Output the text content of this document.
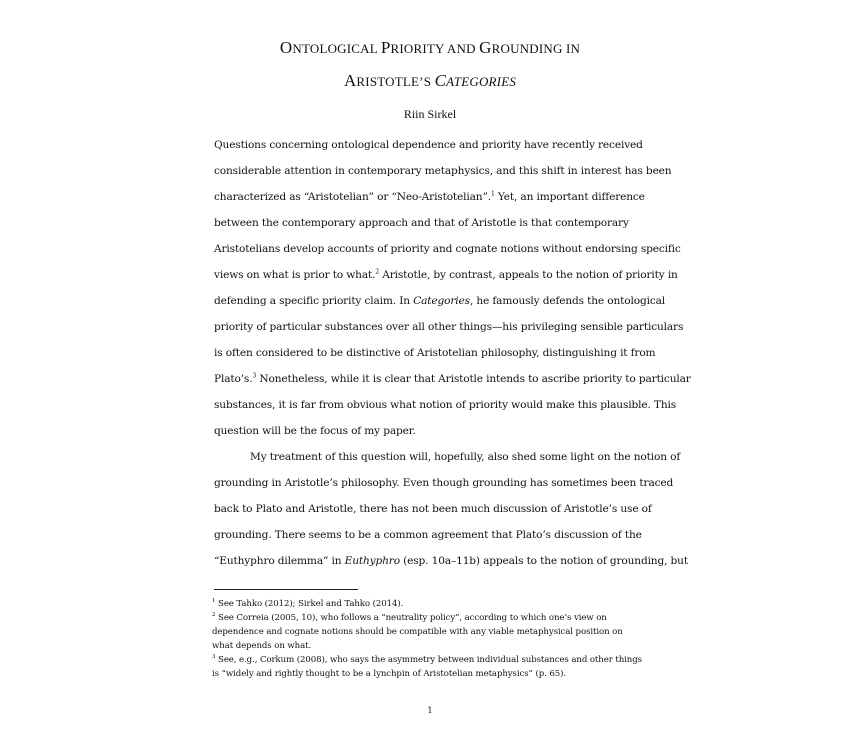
ONTOLOGICAL PRIORITY AND GROUNDING IN
ARISTOTLE’S CATEGORIES
Riin Sirkel
Questions concerning ontological dependence and priority have recently received
considerable attention in contemporary metaphysics, and this shift in interest has been
characterized as “Aristotelian” or “Neo-Aristotelian”.$^1$ Yet, an important difference
between the contemporary approach and that of Aristotle is that contemporary
Aristotelians develop accounts of priority and cognate notions without endorsing specific
views on what is prior to what.$^2$ Aristotle, by contrast, appeals to the notion of priority in
defending a specific priority claim. In Categories, he famously defends the ontological
priority of particular substances over all other things—his privileging sensible particulars
is often considered to be distinctive of Aristotelian philosophy, distinguishing it from
Plato’s.$^3$ Nonetheless, while it is clear that Aristotle intends to ascribe priority to particular
substances, it is far from obvious what notion of priority would make this plausible. This
question will be the focus of my paper.
My treatment of this question will, hopefully, also shed some light on the notion of
grounding in Aristotle’s philosophy. Even though grounding has sometimes been traced
back to Plato and Aristotle, there has not been much discussion of Aristotle’s use of
grounding. There seems to be a common agreement that Plato’s discussion of the
“Euthyphro dilemma” in Euthyphro (esp. 10a–11b) appeals to the notion of grounding, but
$^1$ See Tahko (2012); Sirkel and Tahko (2014).
$^2$ See Correia (2005, 10), who follows a “neutrality policy”, according to which one’s view on
dependence and cognate notions should be compatible with any viable metaphysical position on
what depends on what.
$^3$ See, e.g., Corkum (2008), who says the asymmetry between individual substances and other things
is “widely and rightly thought to be a lynchpin of Aristotelian metaphysics” (p. 65).
1
